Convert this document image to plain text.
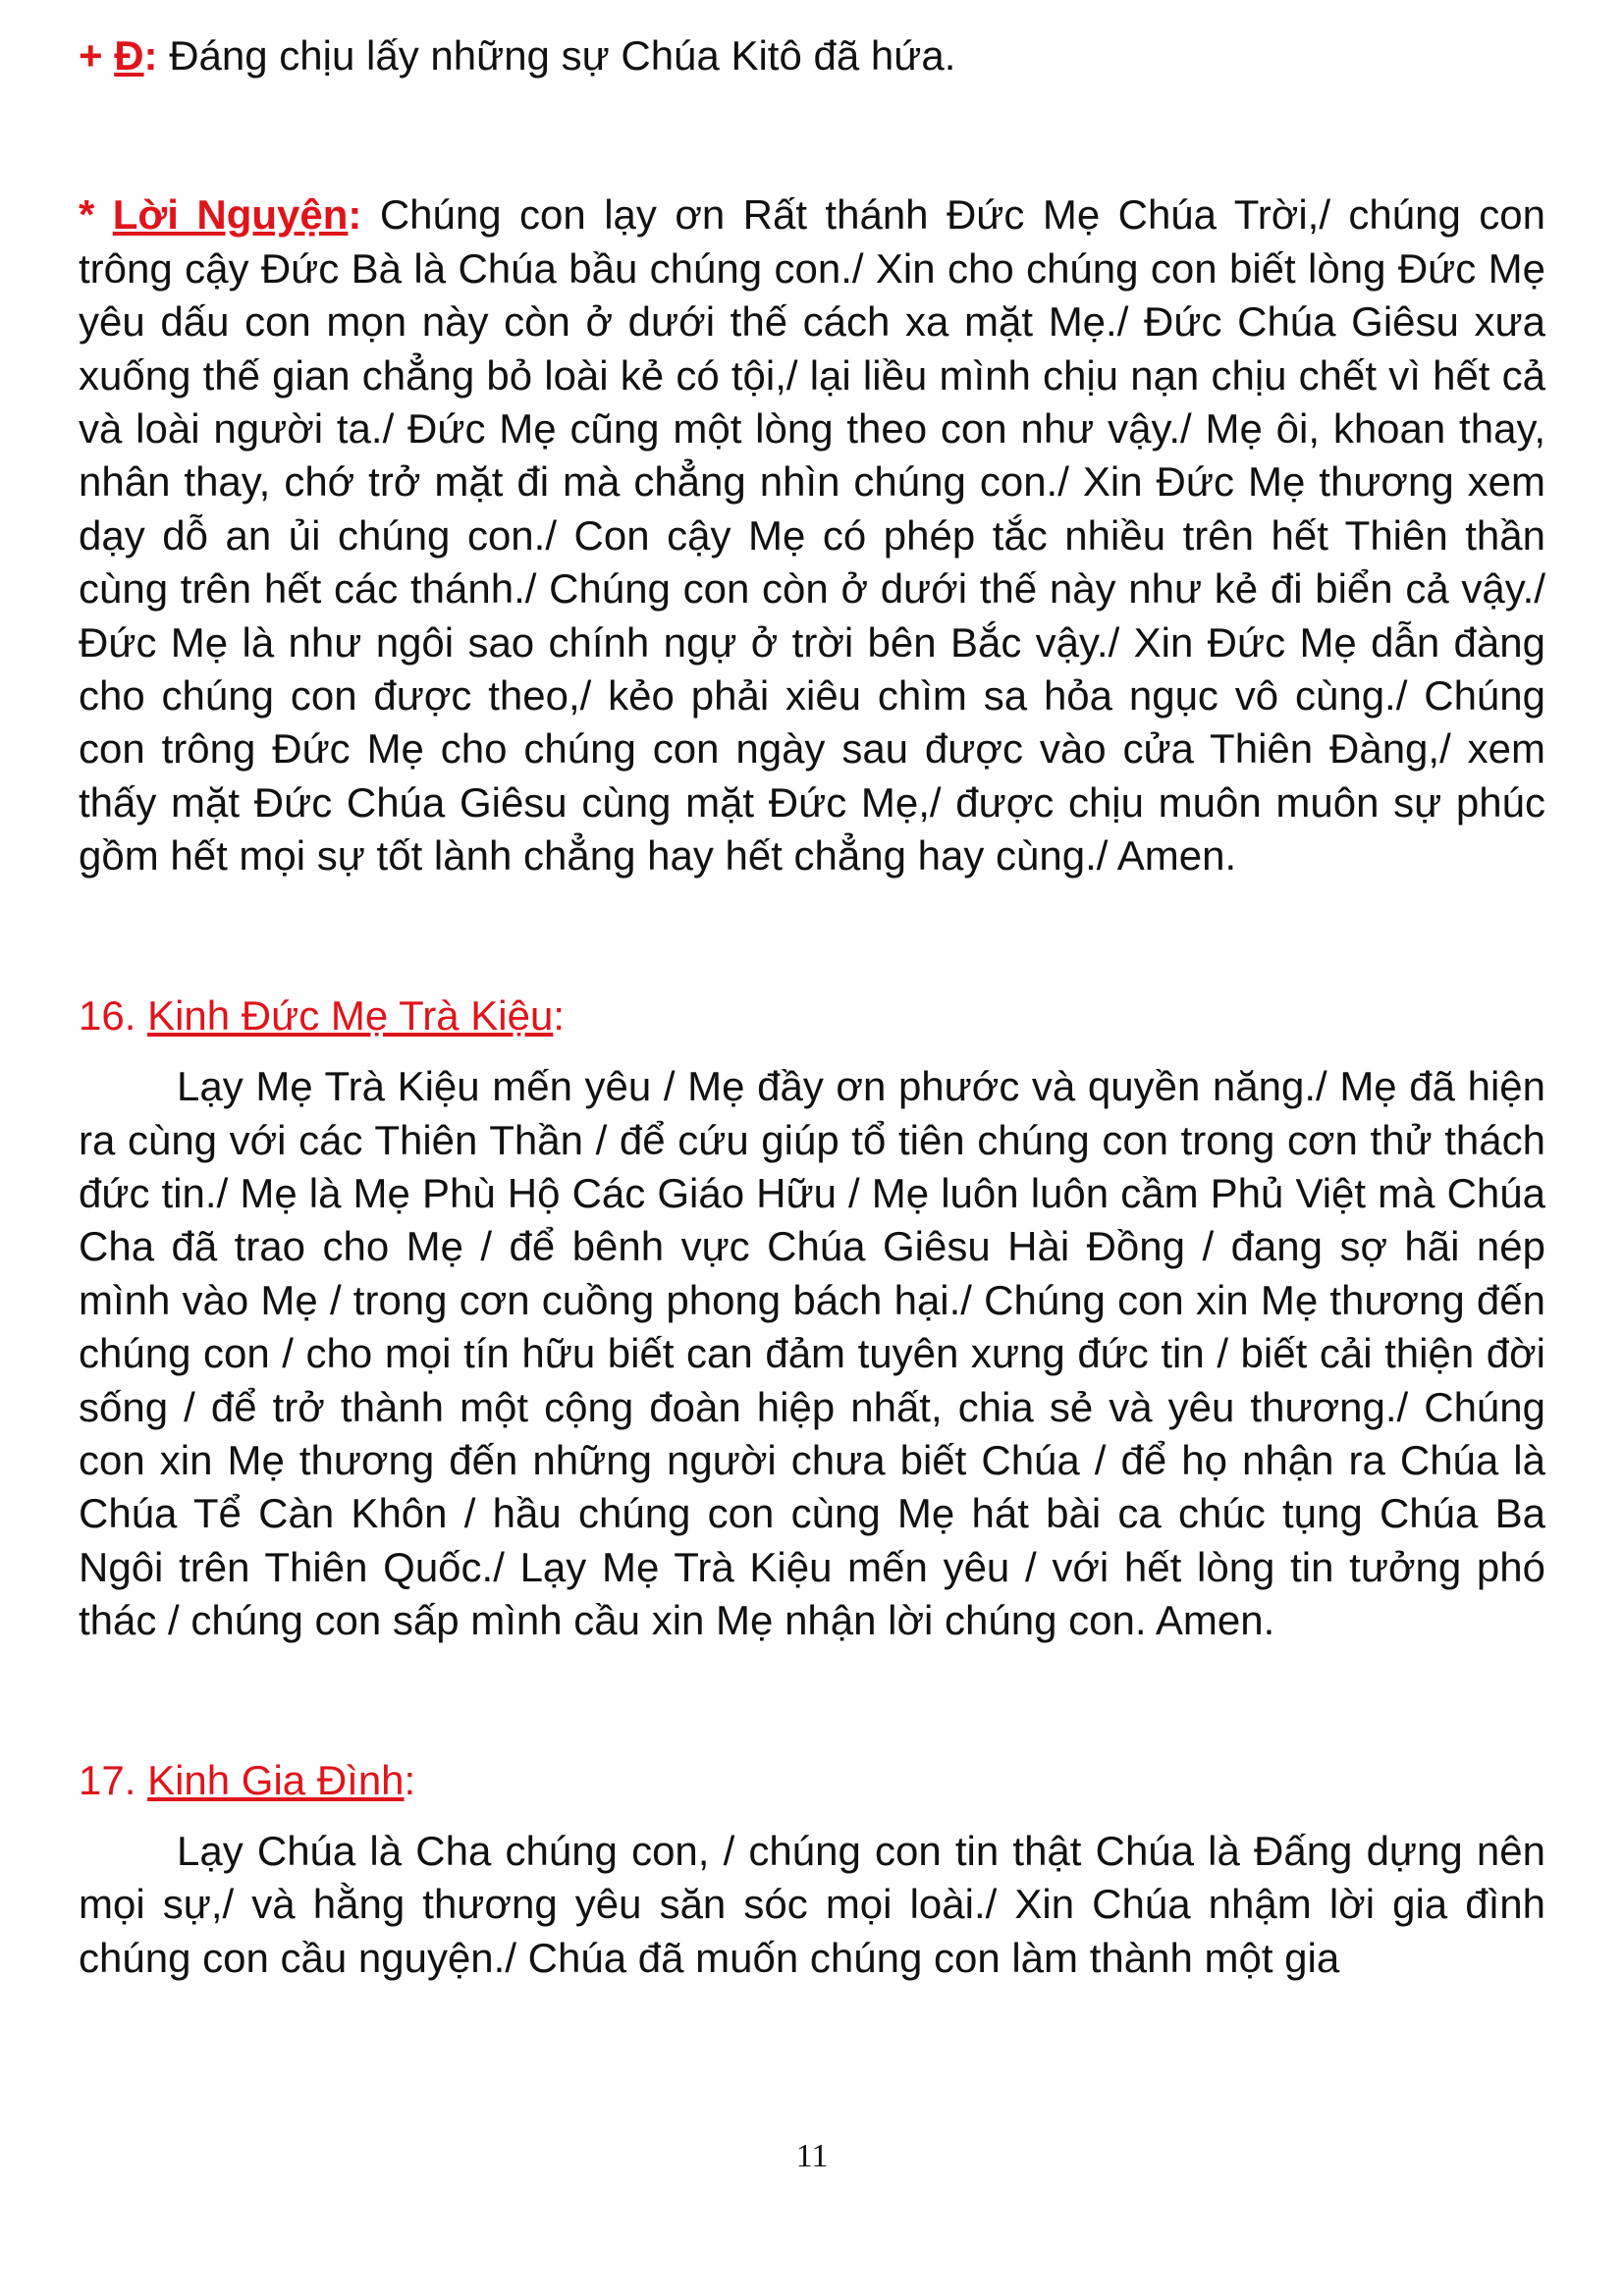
+ Đ: Đáng chịu lấy những sự Chúa Kitô đã hứa.

* Lời Nguyện: Chúng con lạy ơn Rất thánh Đức Mẹ Chúa Trời,/ chúng con trông cậy Đức Bà là Chúa bầu chúng con./ Xin cho chúng con biết lòng Đức Mẹ yêu dấu con mọn này còn ở dưới thế cách xa mặt Mẹ./ Đức Chúa Giêsu xưa xuống thế gian chẳng bỏ loài kẻ có tội,/ lại liều mình chịu nạn chịu chết vì hết cả và loài người ta./ Đức Mẹ cũng một lòng theo con như vậy./ Mẹ ôi, khoan thay, nhân thay, chớ trở mặt đi mà chẳng nhìn chúng con./ Xin Đức Mẹ thương xem dạy dỗ an ủi chúng con./ Con cậy Mẹ có phép tắc nhiều trên hết Thiên thần cùng trên hết các thánh./ Chúng con còn ở dưới thế này như kẻ đi biển cả vậy./ Đức Mẹ là như ngôi sao chính ngự ở trời bên Bắc vậy./ Xin Đức Mẹ dẫn đàng cho chúng con được theo,/ kẻo phải xiêu chìm sa hỏa ngục vô cùng./ Chúng con trông Đức Mẹ cho chúng con ngày sau được vào cửa Thiên Đàng,/ xem thấy mặt Đức Chúa Giêsu cùng mặt Đức Mẹ,/ được chịu muôn muôn sự phúc gồm hết mọi sự tốt lành chẳng hay hết chẳng hay cùng./ Amen.

16. Kinh Đức Mẹ Trà Kiệu:

Lạy Mẹ Trà Kiệu mến yêu / Mẹ đầy ơn phước và quyền năng./ Mẹ đã hiện ra cùng với các Thiên Thần / để cứu giúp tổ tiên chúng con trong cơn thử thách đức tin./ Mẹ là Mẹ Phù Hộ Các Giáo Hữu / Mẹ luôn luôn cầm Phủ Việt mà Chúa Cha đã trao cho Mẹ / để bênh vực Chúa Giêsu Hài Đồng / đang sợ hãi nép mình vào Mẹ / trong cơn cuồng phong bách hại./ Chúng con xin Mẹ thương đến chúng con / cho mọi tín hữu biết can đảm tuyên xưng đức tin / biết cải thiện đời sống / để trở thành một cộng đoàn hiệp nhất, chia sẻ và yêu thương./ Chúng con xin Mẹ thương đến những người chưa biết Chúa / để họ nhận ra Chúa là Chúa Tể Càn Khôn / hầu chúng con cùng Mẹ hát bài ca chúc tụng Chúa Ba Ngôi trên Thiên Quốc./ Lạy Mẹ Trà Kiệu mến yêu / với hết lòng tin tưởng phó thác / chúng con sấp mình cầu xin Mẹ nhận lời chúng con. Amen.

17. Kinh Gia Đình:

Lạy Chúa là Cha chúng con, / chúng con tin thật Chúa là Đấng dựng nên mọi sự,/ và hằng thương yêu săn sóc mọi loài./ Xin Chúa nhậm lời gia đình chúng con cầu nguyện./ Chúa đã muốn chúng con làm thành một gia

11
